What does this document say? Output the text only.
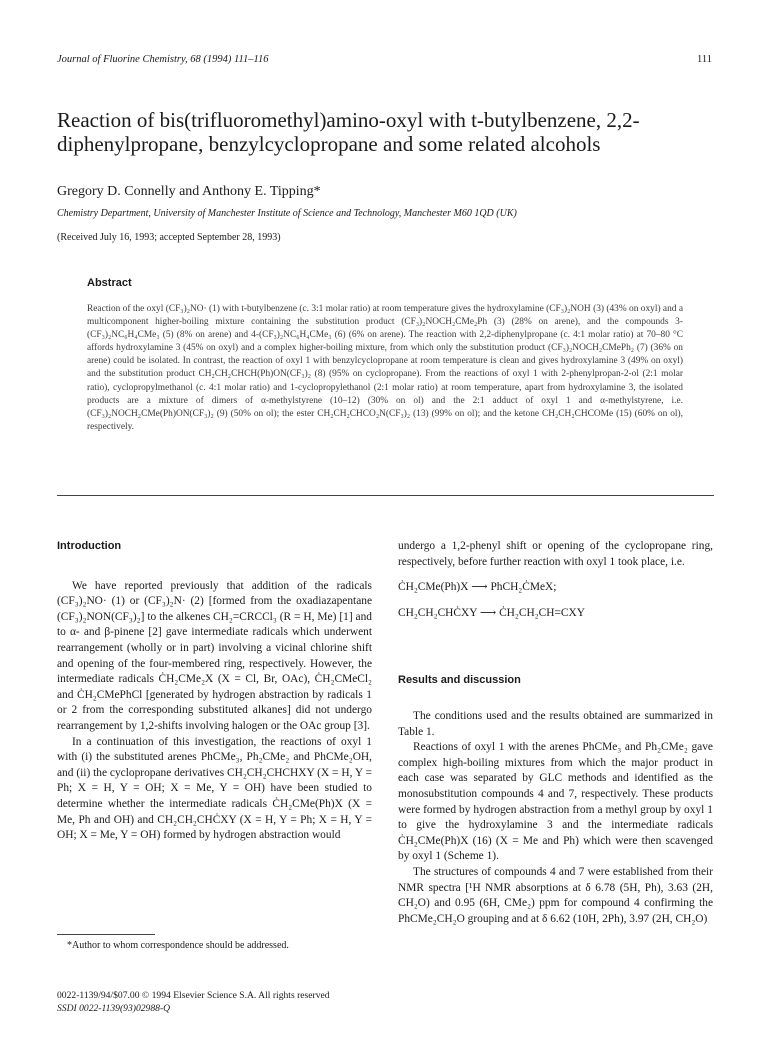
Journal of Fluorine Chemistry, 68 (1994) 111–116	111
Reaction of bis(trifluoromethyl)amino-oxyl with t-butylbenzene, 2,2-diphenylpropane, benzylcyclopropane and some related alcohols
Gregory D. Connelly and Anthony E. Tipping*
Chemistry Department, University of Manchester Institute of Science and Technology, Manchester M60 1QD (UK)
(Received July 16, 1993; accepted September 28, 1993)
Abstract

Reaction of the oxyl (CF₃)₂NO· (1) with t-butylbenzene (c. 3:1 molar ratio) at room temperature gives the hydroxylamine (CF₃)₂NOH (3) (43% on oxyl) and a multicomponent higher-boiling mixture containing the substitution product (CF₃)₂NOCH₂CMe₂Ph (3) (28% on arene), and the compounds 3-(CF₃)₂NC₆H₄CMe₃ (5) (8% on arene) and 4-(CF₃)₂NC₆H₄CMe₃ (6) (6% on arene). The reaction with 2,2-diphenylpropane (c. 4:1 molar ratio) at 70–80 °C affords hydroxylamine 3 (45% on oxyl) and a complex higher-boiling mixture, from which only the substitution product (CF₃)₂NOCH₂CMePh₂ (7) (36% on arene) could be isolated. In contrast, the reaction of oxyl 1 with benzylcyclopropane at room temperature is clean and gives hydroxylamine 3 (49% on oxyl) and the substitution product CH₂CH₂CHCH(Ph)ON(CF₃)₂ (8) (95% on cyclopropane). From the reactions of oxyl 1 with 2-phenylpropan-2-ol (2:1 molar ratio), cyclopropylmethanol (c. 4:1 molar ratio) and 1-cyclopropylethanol (2:1 molar ratio) at room temperature, apart from hydroxylamine 3, the isolated products are a mixture of dimers of α-methylstyrene (10–12) (30% on ol) and the 2:1 adduct of oxyl 1 and α-methylstyrene, i.e. (CF₃)₂NOCH₂CMe(Ph)ON(CF₃)₂ (9) (50% on ol); the ester CH₂CH₂CHCO₂N(CF₃)₂ (13) (99% on ol); and the ketone CH₂CH₂CHCOMe (15) (60% on ol), respectively.

Introduction

We have reported previously that addition of the radicals (CF₃)₂NO· (1) or (CF₃)₂N· (2) [formed from the oxadiazapentane (CF₃)₂NON(CF₃)₂] to the alkenes CH₂=CRCCl₃ (R = H, Me) [1] and to α- and β-pinene [2] gave intermediate radicals which underwent rearrangement (wholly or in part) involving a vicinal chlorine shift and opening of the four-membered ring, respectively. However, the intermediate radicals ĊH₂CMe₂X (X = Cl, Br, OAc), ĊH₂CMeCl₂ and ĊH₂CMePhCl [generated by hydrogen abstraction by radicals 1 or 2 from the corresponding substituted alkanes] did not undergo rearrangement by 1,2-shifts involving halogen or the OAc group [3].

In a continuation of this investigation, the reactions of oxyl 1 with (i) the substituted arenes PhCMe₃, Ph₂CMe₂ and PhCMe₂OH, and (ii) the cyclopropane derivatives CH₂CH₂CHCHXY (X = H, Y = Ph; X = H, Y = OH; X = Me, Y = OH) have been studied to determine whether the intermediate radicals ĊH₂CMe(Ph)X (X = Me, Ph and OH) and CH₂CH₂CHĊXY (X = H, Y = Ph; X = H, Y = OH; X = Me, Y = OH) formed by hydrogen abstraction would

undergo a 1,2-phenyl shift or opening of the cyclopropane ring, respectively, before further reaction with oxyl 1 took place, i.e.

ĊH₂CMe(Ph)X ⟶ PhCH₂ĊMeX;
CH₂CH₂CHĊXY ⟶ ĊH₂CH₂CH=CXY
Results and discussion

The conditions used and the results obtained are summarized in Table 1.

Reactions of oxyl 1 with the arenes PhCMe₃ and Ph₂CMe₂ gave complex high-boiling mixtures from which the major product in each case was separated by GLC methods and identified as the monosubstitution compounds 4 and 7, respectively. These products were formed by hydrogen abstraction from a methyl group by oxyl 1 to give the hydroxylamine 3 and the intermediate radicals ĊH₂CMe(Ph)X (16) (X = Me and Ph) which were then scavenged by oxyl 1 (Scheme 1).

The structures of compounds 4 and 7 were established from their NMR spectra [¹H NMR absorptions at δ 6.78 (5H, Ph), 3.63 (2H, CH₂O) and 0.95 (6H, CMe₂) ppm for compound 4 confirming the PhCMe₂CH₂O grouping and at δ 6.62 (10H, 2Ph), 3.97 (2H, CH₂O)

*Author to whom correspondence should be addressed.
0022-1139/94/$07.00 © 1994 Elsevier Science S.A. All rights reserved
SSDI 0022-1139(93)02988-Q
